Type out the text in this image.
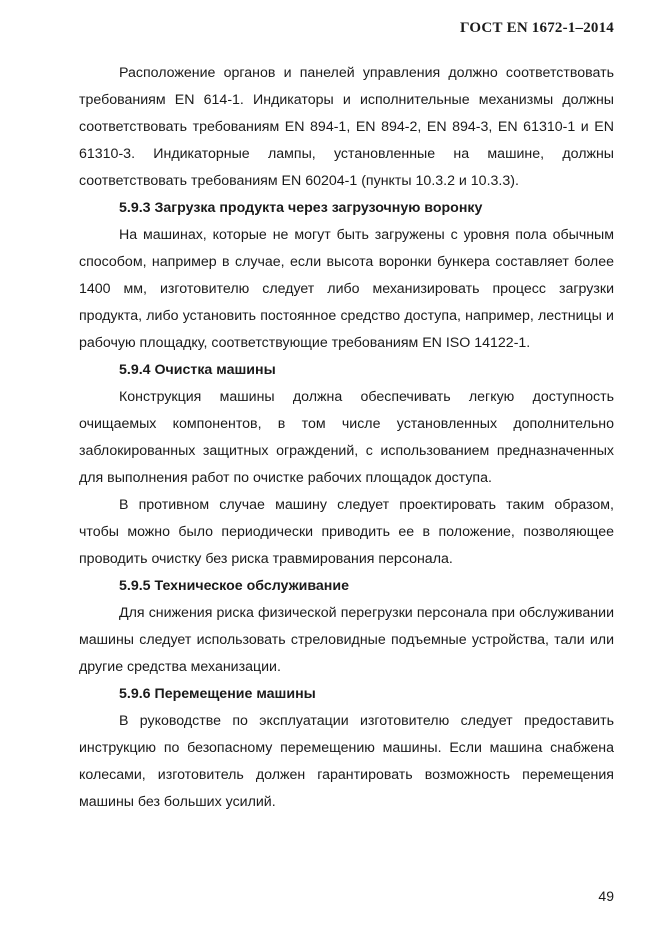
ГОСТ EN 1672-1–2014

Расположение органов и панелей управления должно соответствовать требованиям EN 614-1. Индикаторы и исполнительные механизмы должны соответствовать требованиям EN 894-1, EN 894-2, EN 894-3, EN 61310-1 и EN 61310-3. Индикаторные лампы, установленные на машине, должны соответствовать требованиям EN 60204-1 (пункты 10.3.2 и 10.3.3).

5.9.3 Загрузка продукта через загрузочную воронку

На машинах, которые не могут быть загружены с уровня пола обычным способом, например в случае, если высота воронки бункера составляет более 1400 мм, изготовителю следует либо механизировать процесс загрузки продукта, либо установить постоянное средство доступа, например, лестницы и рабочую площадку, соответствующие требованиям EN ISO 14122-1.

5.9.4 Очистка машины

Конструкция машины должна обеспечивать легкую доступность очищаемых компонентов, в том числе установленных дополнительно заблокированных защитных ограждений, с использованием предназначенных для выполнения работ по очистке рабочих площадок доступа.

В противном случае машину следует проектировать таким образом, чтобы можно было периодически приводить ее в положение, позволяющее проводить очистку без риска травмирования персонала.

5.9.5 Техническое обслуживание

Для снижения риска физической перегрузки персонала при обслуживании машины следует использовать стреловидные подъемные устройства, тали или другие средства механизации.

5.9.6 Перемещение машины

В руководстве по эксплуатации изготовителю следует предоставить инструкцию по безопасному перемещению машины. Если машина снабжена колесами, изготовитель должен гарантировать возможность перемещения машины без больших усилий.

49
